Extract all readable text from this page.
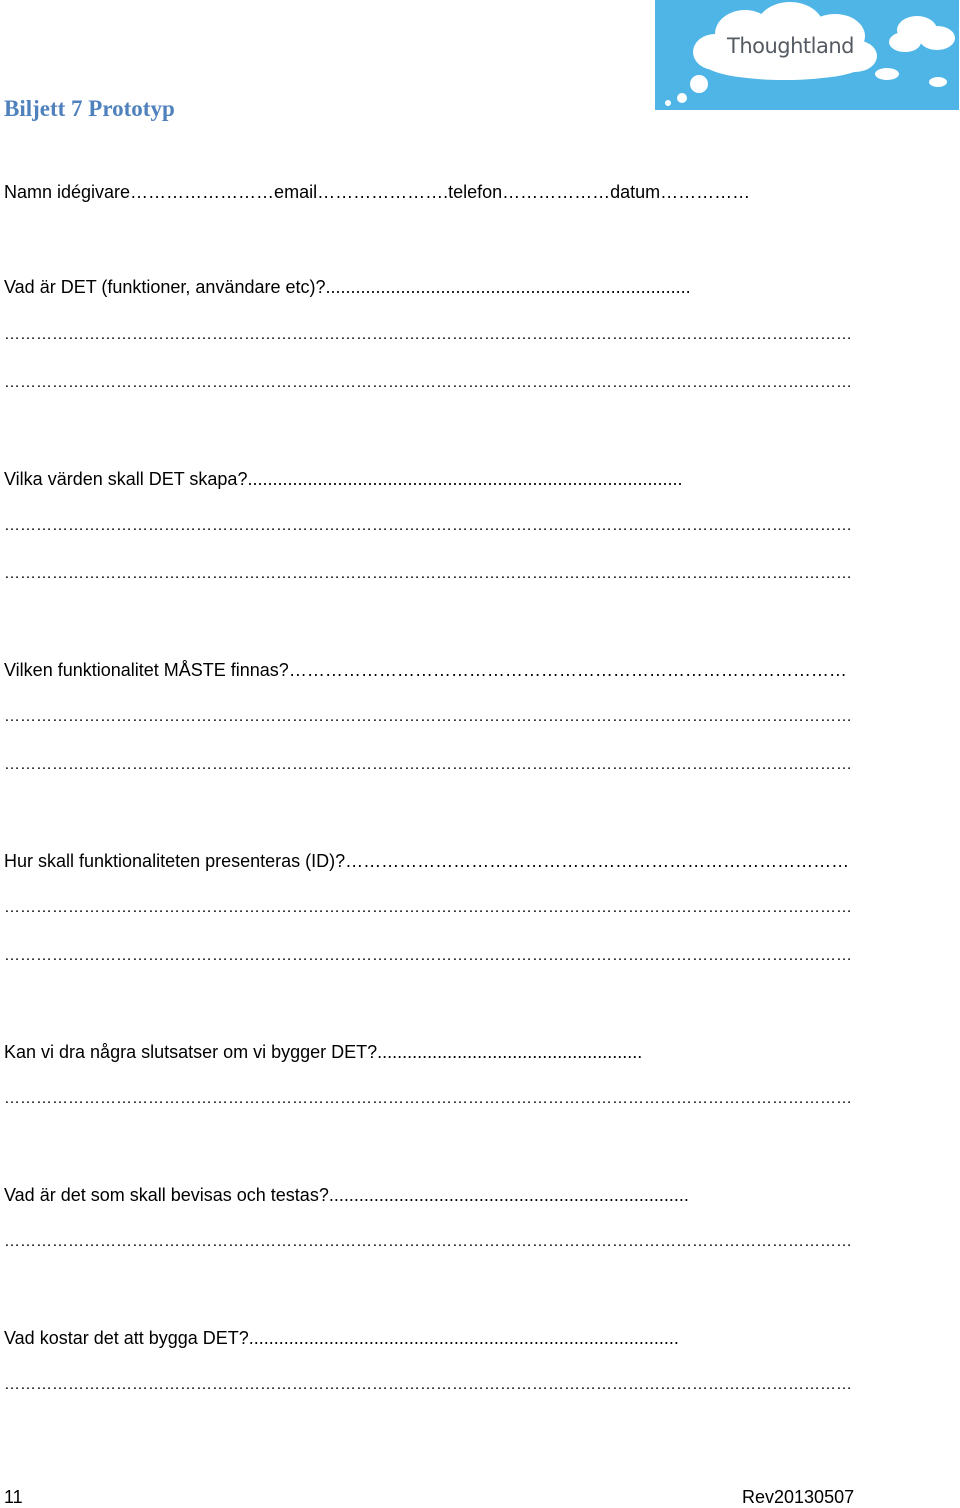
Thoughtland
Biljett 7 Prototyp
Namn idégivare……………………email………………….telefon………………datum……………
Vad är DET (funktioner, användare etc)?.........................................................................
……………………………………………………………………………………………………………………………………………
……………………………………………………………………………………………………………………………………………
Vilka värden skall DET skapa?.......................................................................................
……………………………………………………………………………………………………………………………………………
……………………………………………………………………………………………………………………………………………
Vilken funktionalitet MÅSTE finnas?…………………………………………………………………………………
……………………………………………………………………………………………………………………………………………
……………………………………………………………………………………………………………………………………………
Hur skall funktionaliteten presenteras (ID)?…………………………………………………………………………
……………………………………………………………………………………………………………………………………………
……………………………………………………………………………………………………………………………………………
Kan vi dra några slutsatser om vi bygger DET?.....................................................
……………………………………………………………………………………………………………………………………………
Vad är det som skall bevisas och testas?........................................................................
……………………………………………………………………………………………………………………………………………
Vad kostar det att bygga DET?......................................................................................
……………………………………………………………………………………………………………………………………………
11	Rev20130507
